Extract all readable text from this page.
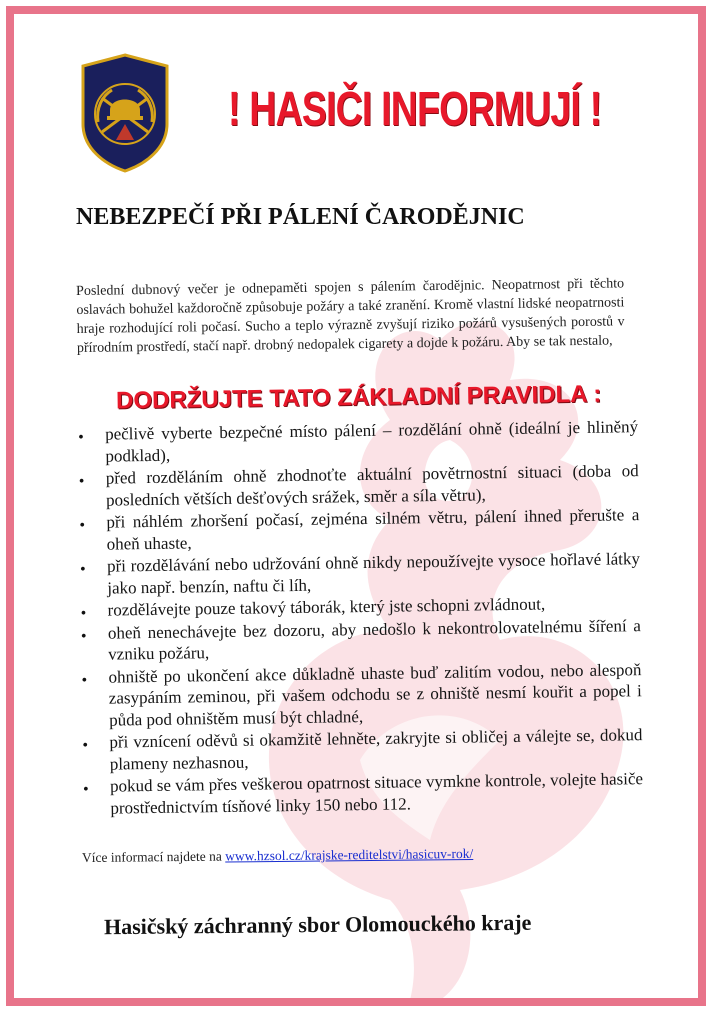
! HASIČI INFORMUJÍ !
NEBEZPEČÍ PŘI PÁLENÍ ČARODĚJNIC

Poslední dubnový večer je odnepaměti spojen s pálením čarodějnic. Neopatrnost při těchto oslavách bohužel každoročně způsobuje požáry a také zranění. Kromě vlastní lidské neopatrnosti hraje rozhodující roli počasí. Sucho a teplo výrazně zvyšují riziko požárů vysušených porostů v přírodním prostředí, stačí např. drobný nedopalek cigarety a dojde k požáru. Aby se tak nestalo,

DODRŽUJTE TATO ZÁKLADNÍ PRAVIDLA :
• pečlivě vyberte bezpečné místo pálení – rozdělání ohně (ideální je hliněný podklad),
• před rozděláním ohně zhodnoťte aktuální povětrnostní situaci (doba od posledních větších dešťových srážek, směr a síla větru),
• při náhlém zhoršení počasí, zejména silném větru, pálení ihned přerušte a oheň uhaste,
• při rozdělávání nebo udržování ohně nikdy nepoužívejte vysoce hořlavé látky jako např. benzín, naftu či líh,
• rozdělávejte pouze takový táborák, který jste schopni zvládnout,
• oheň nenechávejte bez dozoru, aby nedošlo k nekontrolovatelnému šíření a vzniku požáru,
• ohniště po ukončení akce důkladně uhaste buď zalitím vodou, nebo alespoň zasypáním zeminou, při vašem odchodu se z ohniště nesmí kouřit a popel i půda pod ohništěm musí být chladné,
• při vznícení oděvů si okamžitě lehněte, zakryjte si obličej a válejte se, dokud plameny nezhasnou,
• pokud se vám přes veškerou opatrnost situace vymkne kontrole, volejte hasiče prostřednictvím tísňové linky 150 nebo 112.
Více informací najdete na www.hzsol.cz/krajske-reditelstvi/hasicuv-rok/
Hasičský záchranný sbor Olomouckého kraje
